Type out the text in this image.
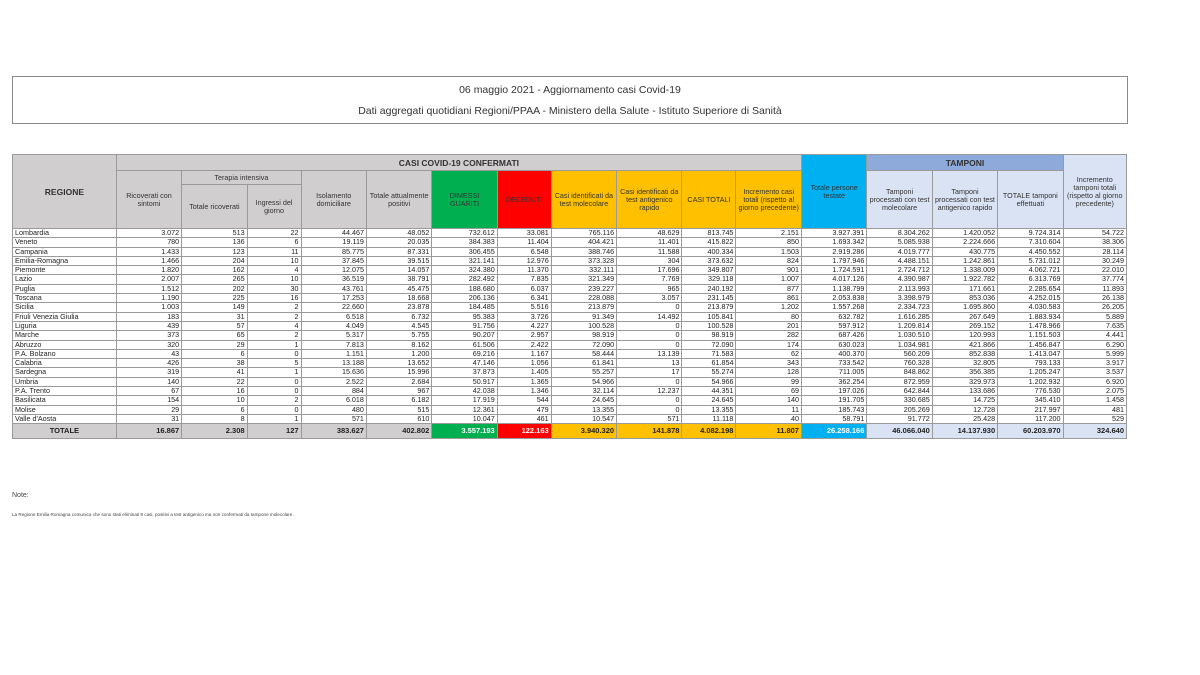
06 maggio 2021 - Aggiornamento casi Covid-19
Dati aggregati quotidiani Regioni/PPAA - Ministero della Salute - Istituto Superiore di Sanità
REGIONE	CASI COVID-19 CONFERMATI											Totale persone testate	TAMPONI			Incremento tamponi totali (rispetto al giorno precedente)
	Ricoverati con sintomi	Terapia intensiva		Isolamento domiciliare	Totale attualmente positivi	DIMESSI GUARITI	DECEDUTI	Casi identificati da test molecolare	Casi identificati da test antigenico rapido	CASI TOTALI	Incremento casi totali (rispetto al giorno precedente)		Tamponi processati con test molecolare	Tamponi processati con test antigenico rapido	TOTALE tamponi effettuati	
		Totale ricoverati	Ingressi del giorno													
Lombardia	3.072	513	22	44.467	48.052	732.612	33.081	765.116	48.629	813.745	2.151	3.927.391	8.304.262	1.420.052	9.724.314	54.722
Veneto	780	136	6	19.119	20.035	384.383	11.404	404.421	11.401	415.822	850	1.693.342	5.085.938	2.224.666	7.310.604	38.306
Campania	1.433	123	11	85.775	87.331	306.455	6.548	388.746	11.588	400.334	1.503	2.919.286	4.019.777	430.775	4.450.552	28.114
Emilia-Romagna	1.466	204	10	37.845	39.515	321.141	12.976	373.328	304	373.632	824	1.797.946	4.488.151	1.242.861	5.731.012	30.249
Piemonte	1.820	162	4	12.075	14.057	324.380	11.370	332.111	17.696	349.807	901	1.724.591	2.724.712	1.338.009	4.062.721	22.010
Lazio	2.007	265	10	36.519	38.791	282.492	7.835	321.349	7.769	329.118	1.007	4.017.126	4.390.987	1.922.782	6.313.769	37.774
Puglia	1.512	202	30	43.761	45.475	188.680	6.037	239.227	965	240.192	877	1.138.799	2.113.993	171.661	2.285.654	11.893
Toscana	1.190	225	16	17.253	18.668	206.136	6.341	228.088	3.057	231.145	861	2.053.838	3.398.979	853.036	4.252.015	26.138
Sicilia	1.003	149	2	22.660	23.878	184.485	5.516	213.879	0	213.879	1.202	1.557.268	2.334.723	1.695.860	4.030.583	26.205
Friuli Venezia Giulia	183	31	2	6.518	6.732	95.383	3.726	91.349	14.492	105.841	80	632.782	1.616.285	267.649	1.883.934	5.889
Liguria	439	57	4	4.049	4.545	91.756	4.227	100.528	0	100.528	201	597.912	1.209.814	269.152	1.478.966	7.635
Marche	373	65	2	5.317	5.755	90.207	2.957	98.919	0	98.919	282	687.426	1.030.510	120.993	1.151.503	4.441
Abruzzo	320	29	1	7.813	8.162	61.506	2.422	72.090	0	72.090	174	630.023	1.034.981	421.866	1.456.847	6.290
P.A. Bolzano	43	6	0	1.151	1.200	69.216	1.167	58.444	13.139	71.583	62	400.370	560.209	852.838	1.413.047	5.999
Calabria	426	38	5	13.188	13.652	47.146	1.056	61.841	13	61.854	343	733.542	760.328	32.805	793.133	3.917
Sardegna	319	41	1	15.636	15.996	37.873	1.405	55.257	17	55.274	128	711.005	848.862	356.385	1.205.247	3.537
Umbria	140	22	0	2.522	2.684	50.917	1.365	54.966	0	54.966	99	362.254	872.959	329.973	1.202.932	6.920
P.A. Trento	67	16	0	884	967	42.038	1.346	32.114	12.237	44.351	69	197.026	642.844	133.686	776.530	2.075
Basilicata	154	10	2	6.018	6.182	17.919	544	24.645	0	24.645	140	191.705	330.685	14.725	345.410	1.458
Molise	29	6	0	480	515	12.361	479	13.355	0	13.355	11	185.743	205.269	12.728	217.997	481
Valle d'Aosta	31	8	1	571	610	10.047	461	10.547	571	11.118	40	58.791	91.772	25.428	117.200	529
TOTALE	16.867	2.308	127	383.627	402.802	3.557.193	122.163	3.940.320	141.878	4.082.198	11.807	26.258.166	46.066.040	14.137.930	60.203.970	324.640
Note:
La Regione Emilia Romagna comunica che sono stati eliminati 9 casi, positivi a test antigenico ma non confermati da tampone molecolare.
